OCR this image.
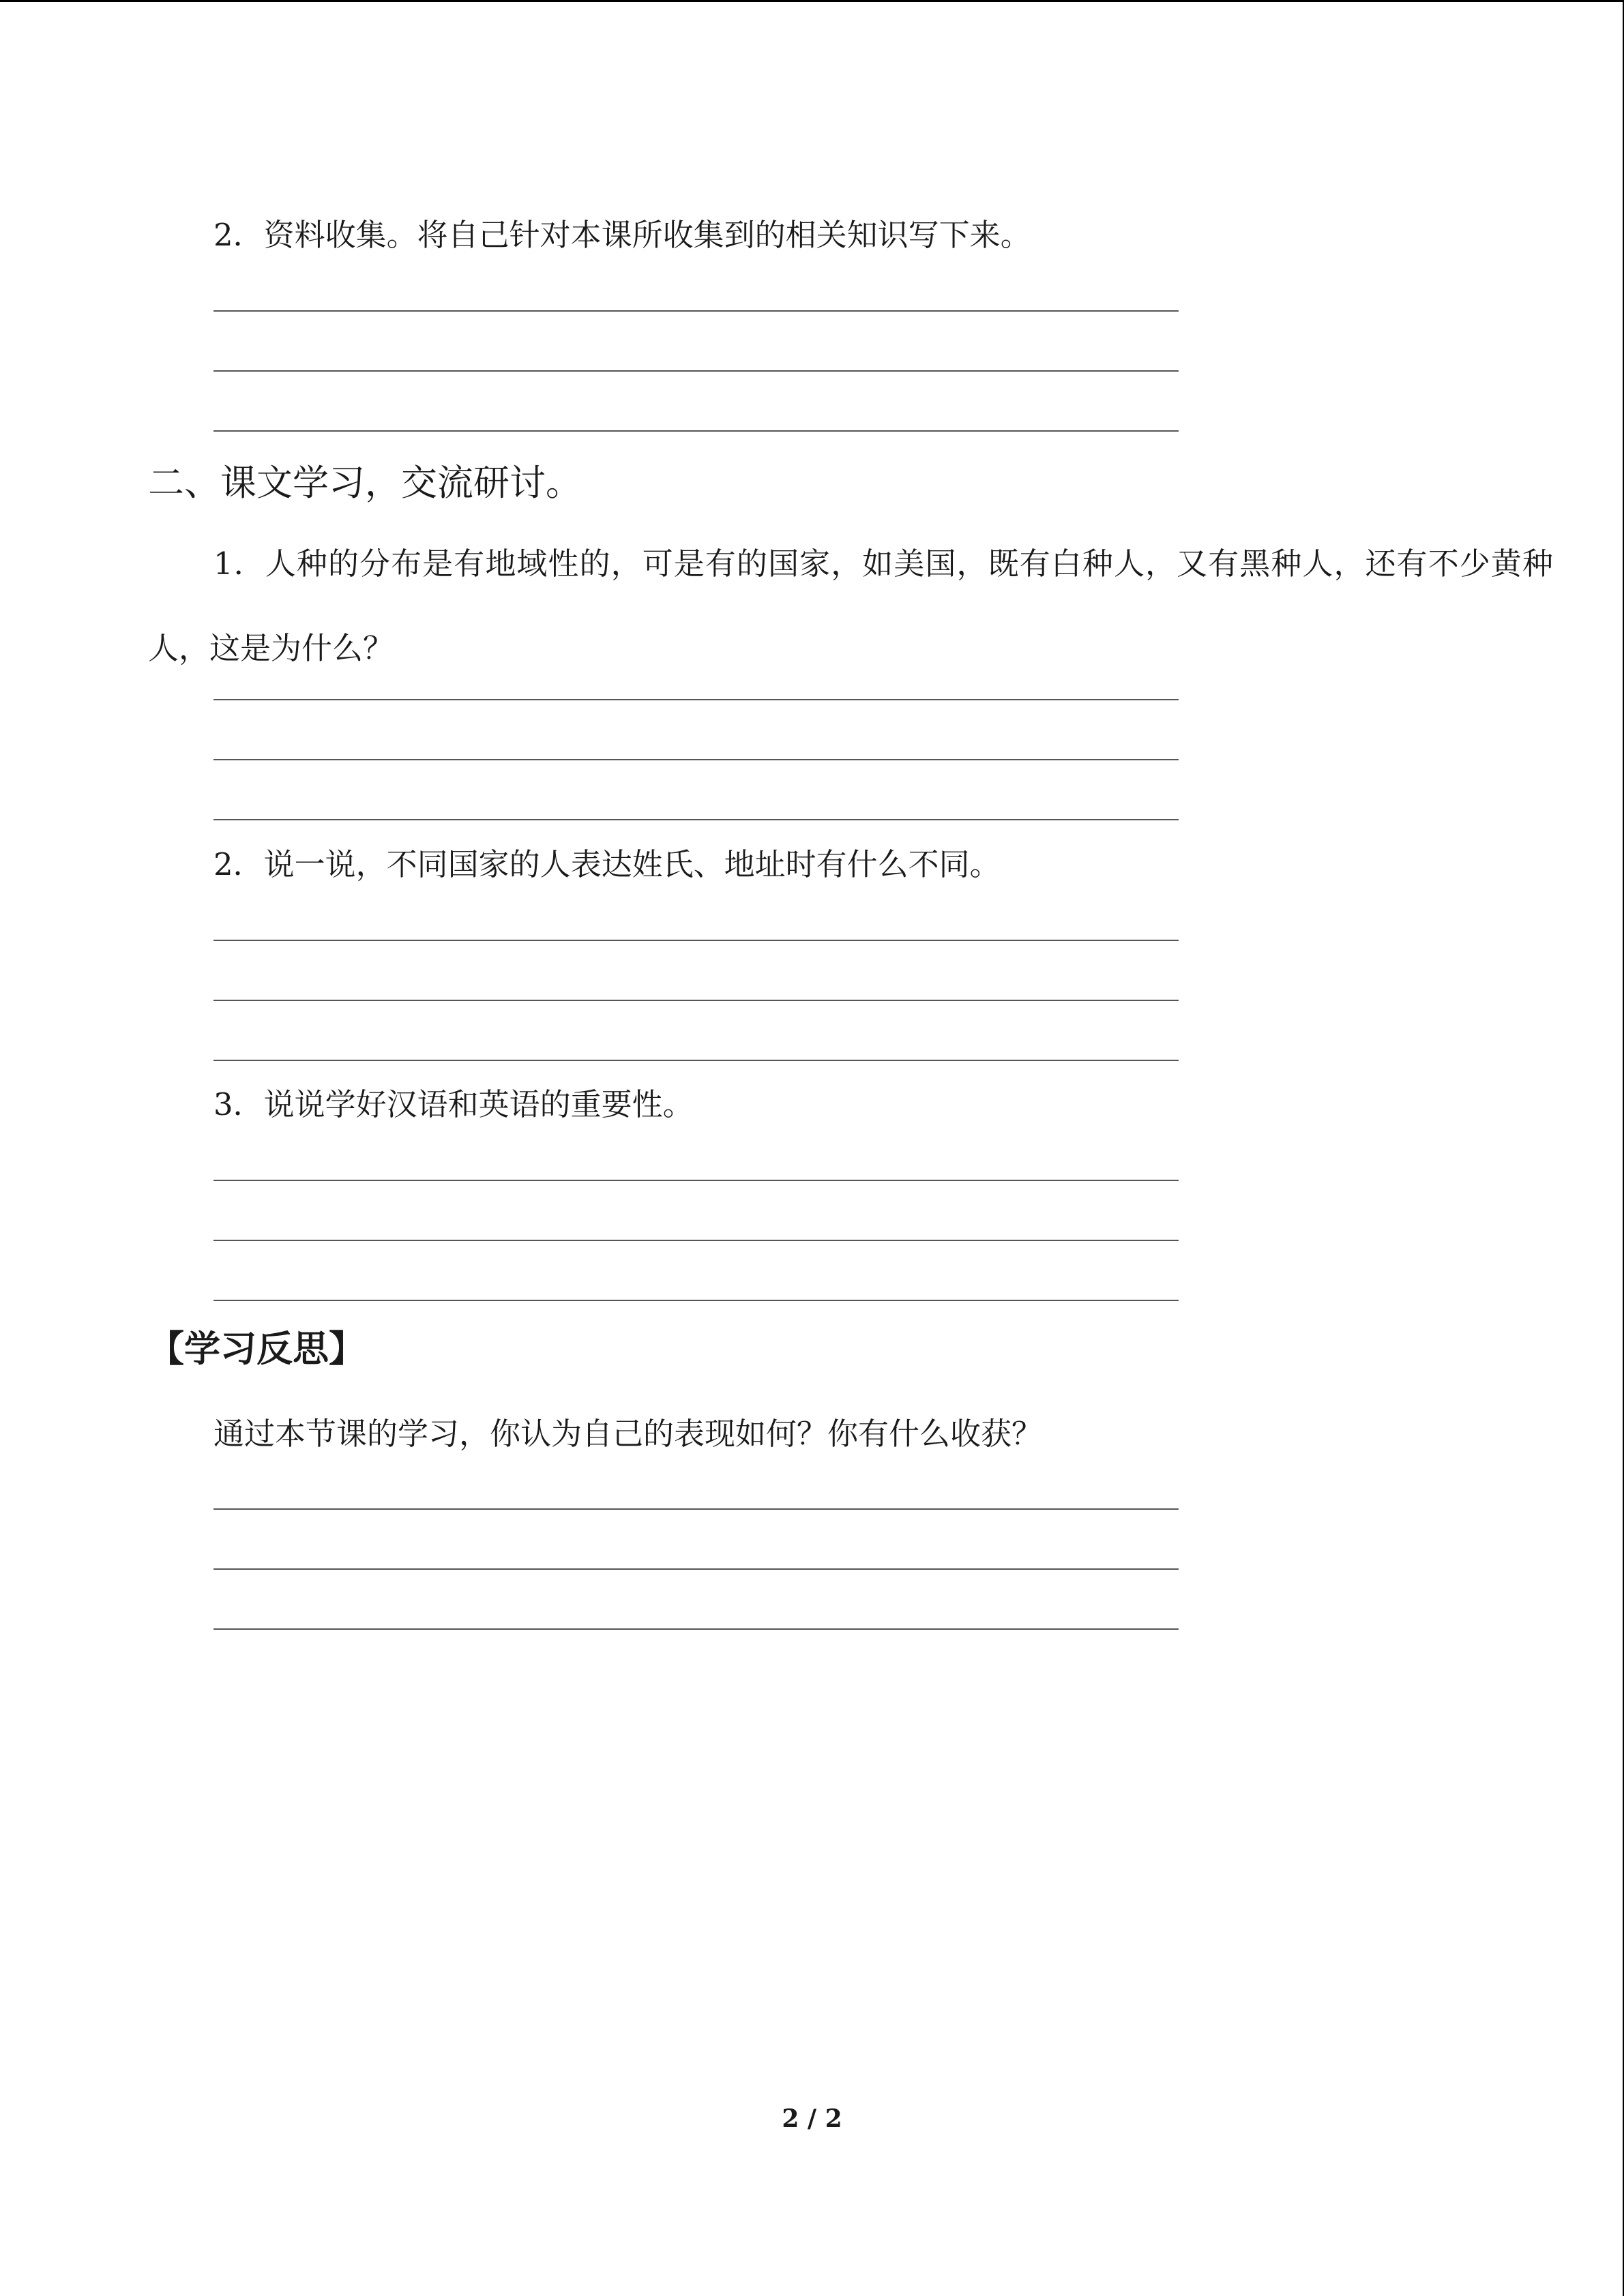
2．资料收集。将自己针对本课所收集到的相关知识写下来。
二、课文学习，交流研讨。
1．人种的分布是有地域性的，可是有的国家，如美国，既有白种人，又有黑种人，还有不少黄种人，这是为什么？
2．说一说，不同国家的人表达姓氏、地址时有什么不同。
3．说说学好汉语和英语的重要性。
【学习反思】
通过本节课的学习，你认为自己的表现如何？你有什么收获？
2 / 2
